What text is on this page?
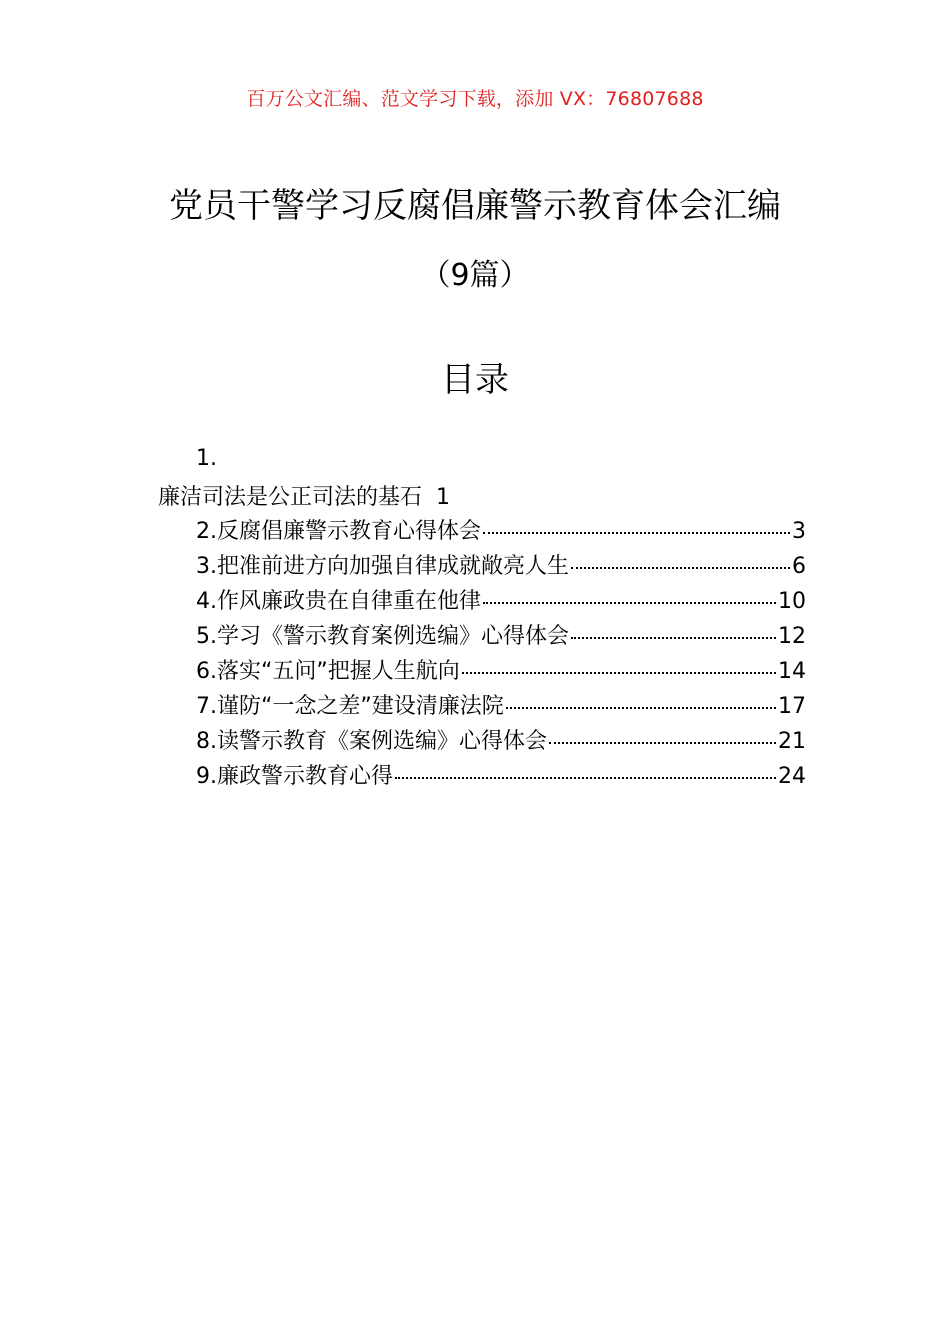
百万公文汇编、范文学习下载，添加 VX：76807688
党员干警学习反腐倡廉警示教育体会汇编
（9篇）
目录
1.
廉洁司法是公正司法的基石 1
2.反腐倡廉警示教育心得体会	3
3.把准前进方向加强自律成就敞亮人生	6
4.作风廉政贵在自律重在他律	10
5.学习《警示教育案例选编》心得体会	12
6.落实“五问”把握人生航向	14
7.谨防“一念之差”建设清廉法院	17
8.读警示教育《案例选编》心得体会	21
9.廉政警示教育心得	24
